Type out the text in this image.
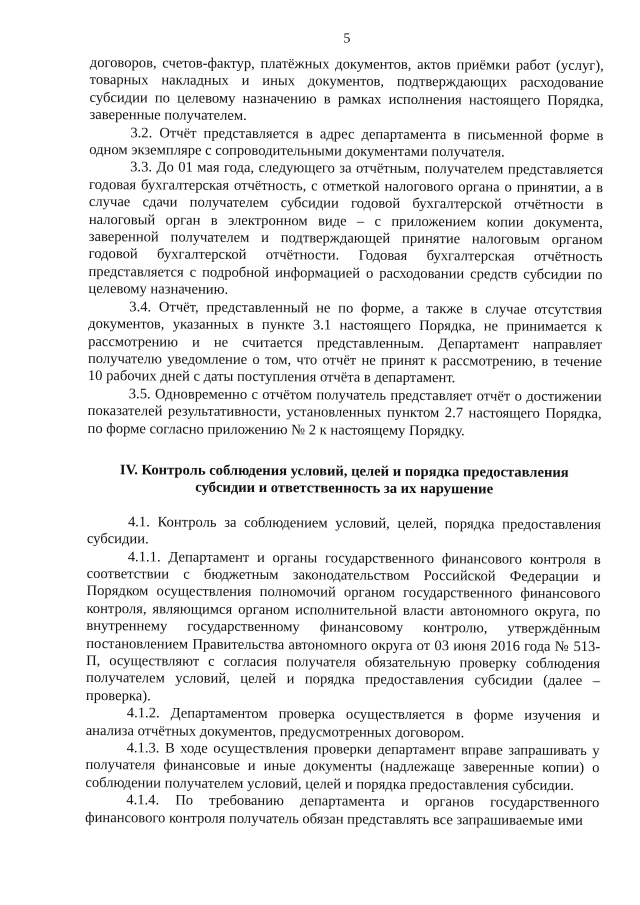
5

договоров, счетов-фактур, платёжных документов, актов приёмки работ (услуг), товарных накладных и иных документов, подтверждающих расходование субсидии по целевому назначению в рамках исполнения настоящего Порядка, заверенные получателем.

3.2. Отчёт представляется в адрес департамента в письменной форме в одном экземпляре с сопроводительными документами получателя.

3.3. До 01 мая года, следующего за отчётным, получателем представляется годовая бухгалтерская отчётность, с отметкой налогового органа о принятии, а в случае сдачи получателем субсидии годовой бухгалтерской отчётности в налоговый орган в электронном виде – с приложением копии документа, заверенной получателем и подтверждающей принятие налоговым органом годовой бухгалтерской отчётности. Годовая бухгалтерская отчётность представляется с подробной информацией о расходовании средств субсидии по целевому назначению.

3.4. Отчёт, представленный не по форме, а также в случае отсутствия документов, указанных в пункте 3.1 настоящего Порядка, не принимается к рассмотрению и не считается представленным. Департамент направляет получателю уведомление о том, что отчёт не принят к рассмотрению, в течение 10 рабочих дней с даты поступления отчёта в департамент.

3.5. Одновременно с отчётом получатель представляет отчёт о достижении показателей результативности, установленных пунктом 2.7 настоящего Порядка, по форме согласно приложению № 2 к настоящему Порядку.

IV. Контроль соблюдения условий, целей и порядка предоставления
субсидии и ответственность за их нарушение

4.1. Контроль за соблюдением условий, целей, порядка предоставления субсидии.

4.1.1. Департамент и органы государственного финансового контроля в соответствии с бюджетным законодательством Российской Федерации и Порядком осуществления полномочий органом государственного финансового контроля, являющимся органом исполнительной власти автономного округа, по внутреннему государственному финансовому контролю, утверждённым постановлением Правительства автономного округа от 03 июня 2016 года № 513-П, осуществляют с согласия получателя обязательную проверку соблюдения получателем условий, целей и порядка предоставления субсидии (далее – проверка).

4.1.2. Департаментом проверка осуществляется в форме изучения и анализа отчётных документов, предусмотренных договором.

4.1.3. В ходе осуществления проверки департамент вправе запрашивать у получателя финансовые и иные документы (надлежаще заверенные копии) о соблюдении получателем условий, целей и порядка предоставления субсидии.

4.1.4. По требованию департамента и органов государственного финансового контроля получатель обязан представлять все запрашиваемые ими
